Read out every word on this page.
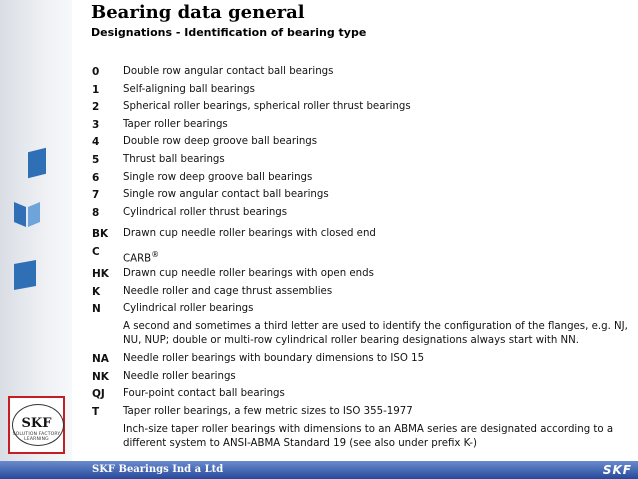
SKF
SOLUTION FACTORY LEARNING
Bearing data general
Designations - Identification of bearing type
0 Double row angular contact ball bearings
1 Self-aligning ball bearings
2 Spherical roller bearings, spherical roller thrust bearings
3 Taper roller bearings
4 Double row deep groove ball bearings
5 Thrust ball bearings
6 Single row deep groove ball bearings
7 Single row angular contact ball bearings
8 Cylindrical roller thrust bearings
BK Drawn cup needle roller bearings with closed end
C
CARB®
HK Drawn cup needle roller bearings with open ends
K Needle roller and cage thrust assemblies
N Cylindrical roller bearings
A second and sometimes a third letter are used to identify the configuration of the flanges, e.g. NJ, NU, NUP; double or multi-row cylindrical roller bearing designations always start with NN.
NA Needle roller bearings with boundary dimensions to ISO 15
NK Needle roller bearings
QJ Four-point contact ball bearings
T Taper roller bearings, a few metric sizes to ISO 355-1977
Inch-size taper roller bearings with dimensions to an ABMA series are designated according to a different system to ANSI-ABMA Standard 19 (see also under prefix K-)
SKF Bearings Ind a Ltd	SKF
